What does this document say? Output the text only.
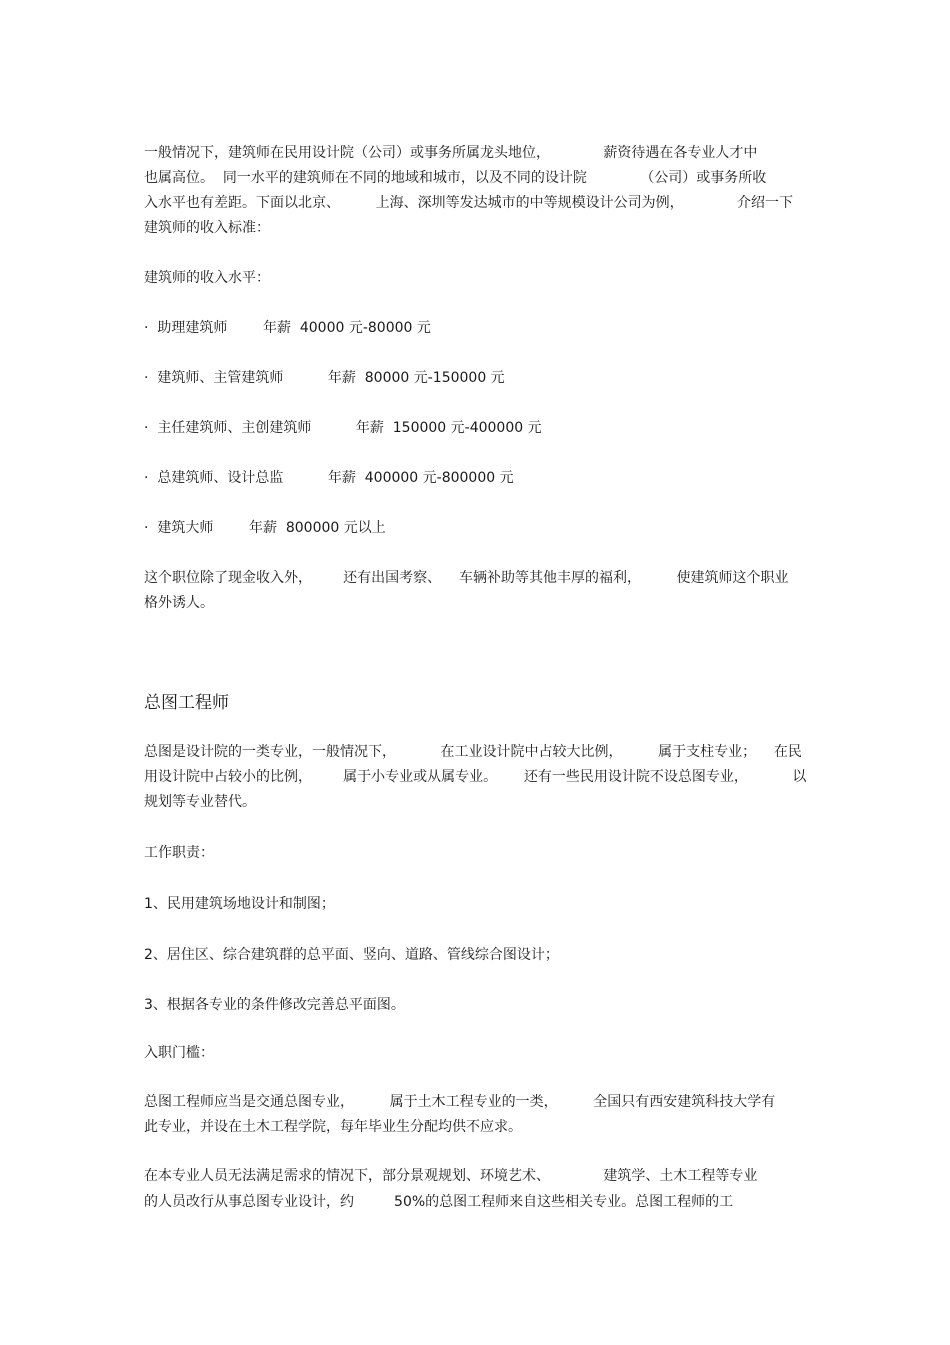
一般情况下，建筑师在民用设计院（公司）或事务所属龙头地位，            薪资待遇在各专业人才中
也属高位。  同一水平的建筑师在不同的地域和城市，以及不同的设计院            （公司）或事务所收
入水平也有差距。下面以北京、        上海、深圳等发达城市的中等规模设计公司为例，            介绍一下
建筑师的收入标准：
建筑师的收入水平：
·  助理建筑师        年薪  40000 元-80000 元
·  建筑师、主管建筑师          年薪  80000 元-150000 元
·  主任建筑师、主创建筑师          年薪  150000 元-400000 元
·  总建筑师、设计总监          年薪  400000 元-800000 元
·  建筑大师        年薪  800000 元以上
这个职位除了现金收入外，       还有出国考察、    车辆补助等其他丰厚的福利，        使建筑师这个职业
格外诱人。
总图工程师
总图是设计院的一类专业，一般情况下，          在工业设计院中占较大比例，        属于支柱专业；    在民
用设计院中占较小的比例，       属于小专业或从属专业。      还有一些民用设计院不设总图专业，          以
规划等专业替代。
工作职责：
1、民用建筑场地设计和制图；
2、居住区、综合建筑群的总平面、竖向、道路、管线综合图设计；
3、根据各专业的条件修改完善总平面图。
入职门槛：
总图工程师应当是交通总图专业，        属于土木工程专业的一类，        全国只有西安建筑科技大学有
此专业，并设在土木工程学院，每年毕业生分配均供不应求。
在本专业人员无法满足需求的情况下，部分景观规划、环境艺术、            建筑学、土木工程等专业
的人员改行从事总图专业设计，约         50%的总图工程师来自这些相关专业。总图工程师的工
